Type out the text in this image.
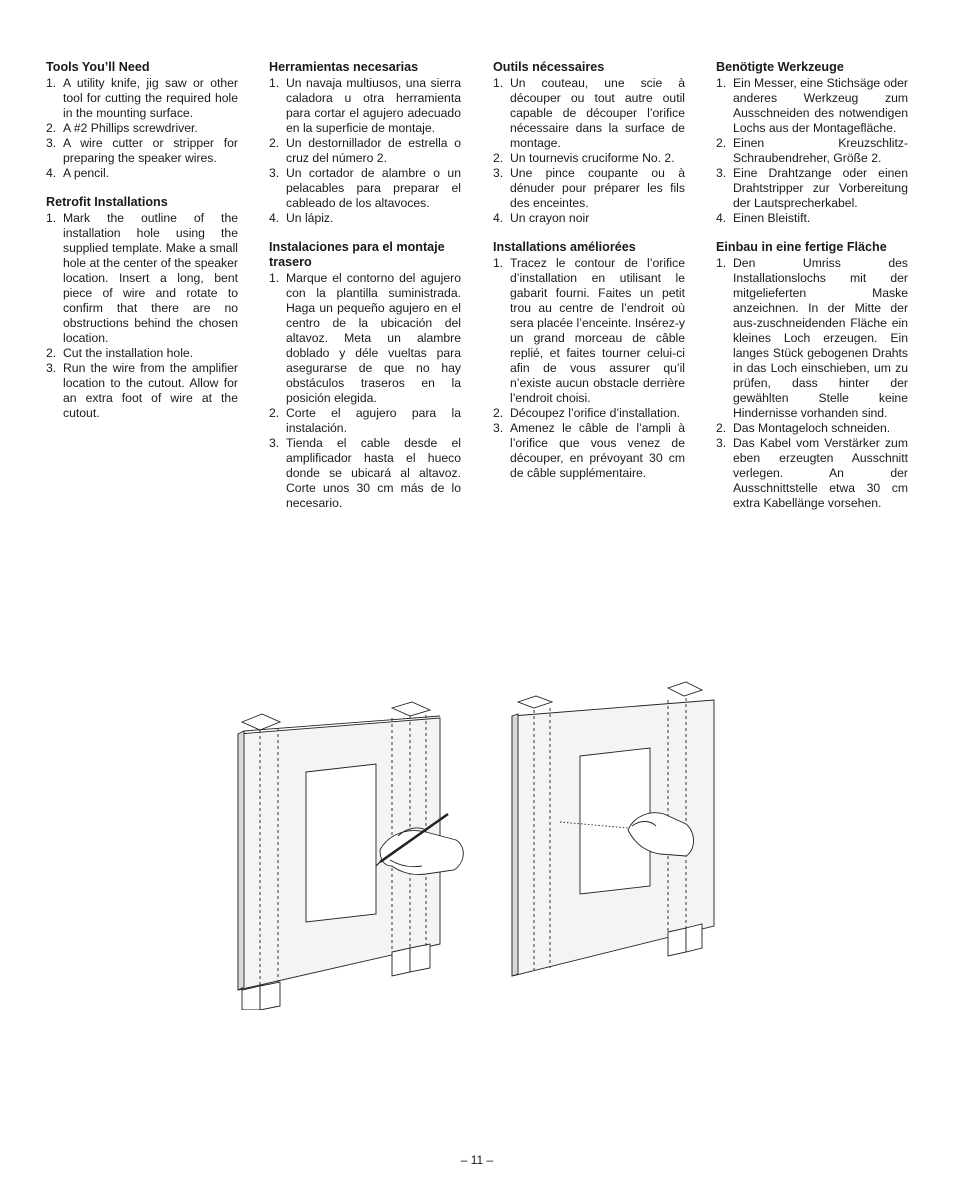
Tools You’ll Need
1. A utility knife, jig saw or other tool for cutting the required hole in the mounting surface.
2. A #2 Phillips screwdriver.
3. A wire cutter or stripper for preparing the speaker wires.
4. A pencil.
Retrofit Installations
1. Mark the outline of the installation hole using the supplied template. Make a small hole at the center of the speaker location. Insert a long, bent piece of wire and rotate to confirm that there are no obstructions behind the chosen location.
2. Cut the installation hole.
3. Run the wire from the amplifier location to the cutout. Allow for an extra foot of wire at the cutout.
Herramientas necesarias
1. Un navaja multiusos, una sierra caladora u otra herramienta para cortar el agujero adecuado en la superficie de montaje.
2. Un destornillador de estrella o cruz del número 2.
3. Un cortador de alambre o un pelacables para preparar el cableado de los altavoces.
4. Un lápiz.
Instalaciones para el montaje trasero
1. Marque el contorno del agujero con la plantilla suministrada. Haga un pequeño agujero en el centro de la ubicación del altavoz. Meta un alambre doblado y déle vueltas para asegurarse de que no hay obstáculos traseros en la posición elegida.
2. Corte el agujero para la instalación.
3. Tienda el cable desde el amplificador hasta el hueco donde se ubicará al altavoz. Corte unos 30 cm más de lo necesario.
Outils nécessaires
1. Un couteau, une scie à découper ou tout autre outil capable de découper l’orifice nécessaire dans la surface de montage.
2. Un tournevis cruciforme No. 2.
3. Une pince coupante ou à dénuder pour préparer les fils des enceintes.
4. Un crayon noir
Installations améliorées
1. Tracez le contour de l’orifice d’installation en utilisant le gabarit fourni. Faites un petit trou au centre de l’endroit où sera placée l’enceinte. Insérez-y un grand morceau de câble replié, et faites tourner celui-ci afin de vous assurer qu’il n’existe aucun obstacle derrière l’endroit choisi.
2. Découpez l’orifice d’installation.
3. Amenez le câble de l’ampli à l’orifice que vous venez de découper, en prévoyant 30 cm de câble supplémentaire.
Benötigte Werkzeuge
1. Ein Messer, eine Stichsäge oder anderes Werkzeug zum Ausschneiden des notwendigen Lochs aus der Montagefläche.
2. Einen Kreuzschlitz-Schraubendreher, Größe 2.
3. Eine Drahtzange oder einen Drahtstripper zur Vorbereitung der Lautsprecherkabel.
4. Einen Bleistift.
Einbau in eine fertige Fläche
1. Den Umriss des Installationslochs mit der mitgelieferten Maske anzeichnen. In der Mitte der aus-zuschneidenden Fläche ein kleines Loch erzeugen. Ein langes Stück gebogenen Drahts in das Loch einschieben, um zu prüfen, dass hinter der gewählten Stelle keine Hindernisse vorhanden sind.
2. Das Montageloch schneiden.
3. Das Kabel vom Verstärker zum eben erzeugten Ausschnitt verlegen. An der Ausschnittstelle etwa 30 cm extra Kabellänge vorsehen.
– 11 –
